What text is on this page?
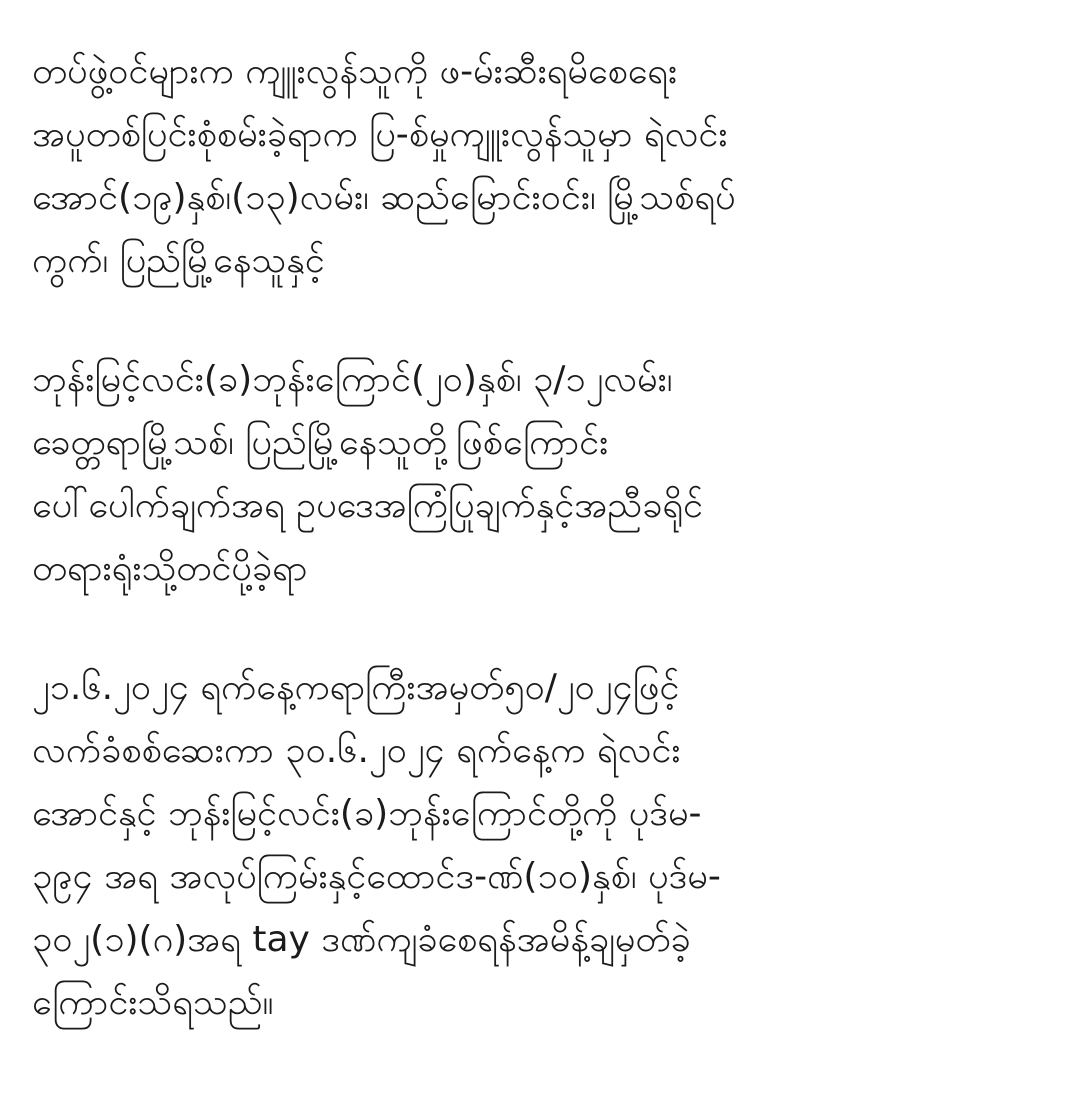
တပ်ဖွဲ့ဝင်များက ကျူးလွန်သူကို ဖ-မ်းဆီးရမိစေရေး
အပူတစ်ပြင်းစုံစမ်းခဲ့ရာက ပြ-စ်မှုကျူးလွန်သူမှာ ရဲလင်း
အောင်(၁၉)နှစ်၊(၁၃)လမ်း၊ ဆည်မြောင်းဝင်း၊ မြို့သစ်ရပ်
ကွက်၊ ပြည်မြို့နေသူနှင့်

ဘုန်းမြင့်လင်း(ခ)ဘုန်းကြောင်(၂၀)နှစ်၊ ၃/၁၂လမ်း၊
ခေတ္တရာမြို့သစ်၊ ပြည်မြို့နေသူတို့ဖြစ်ကြောင်း
ပေါ်ပေါက်ချက်အရ ဥပဒေအကြံပြုချက်နှင့်အညီခရိုင်
တရားရုံးသို့တင်ပို့ခဲ့ရာ

၂၁.၆.၂၀၂၄ ရက်နေ့ကရာကြီးအမှတ်၅၀/၂၀၂၄ဖြင့်
လက်ခံစစ်ဆေးကာ ၃၀.၆.၂၀၂၄ ရက်နေ့က ရဲလင်း
အောင်နှင့် ဘုန်းမြင့်လင်း(ခ)ဘုန်းကြောင်တို့ကို ပုဒ်မ-
၃၉၄ အရ အလုပ်ကြမ်းနှင့်ထောင်ဒ-ဏ်(၁၀)နှစ်၊ ပုဒ်မ-
၃၀၂(၁)(ဂ)အရ tay ဒဏ်ကျခံစေရန်အမိန့်ချမှတ်ခဲ့
ကြောင်းသိရသည်။
